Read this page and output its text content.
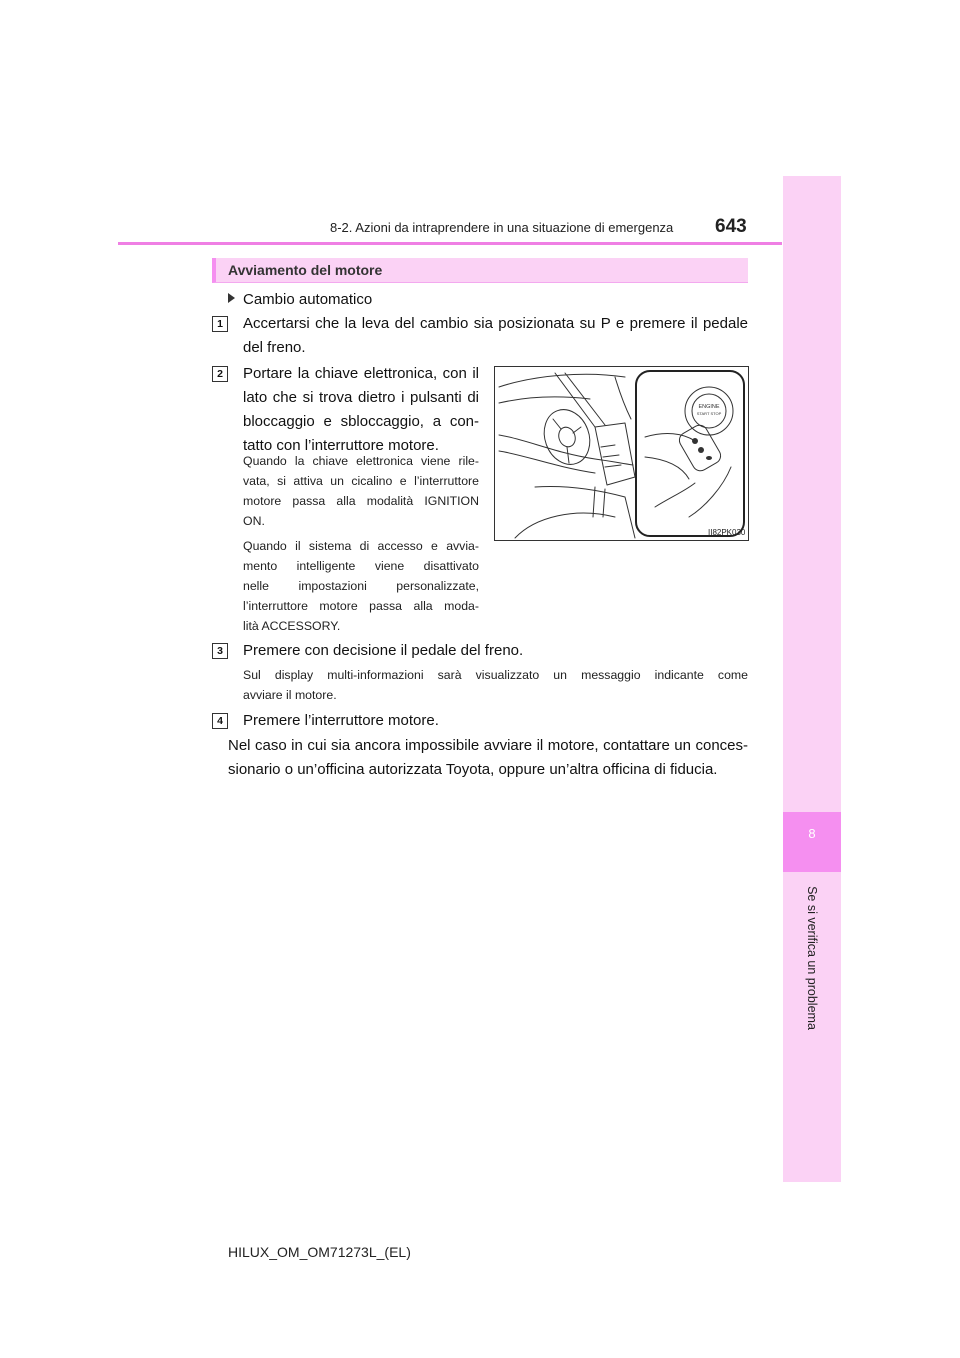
8
Se si verifica un problema
8-2. Azioni da intraprendere in una situazione di emergenza 643
Avviamento del motore
Cambio automatico
1	Accertarsi che la leva del cambio sia posizionata su P e premere il pedale
del freno.
2	Portare la chiave elettronica, con il
lato che si trova dietro i pulsanti di
bloccaggio e sbloccaggio, a con-
tatto con l’interruttore motore.
Quando la chiave elettronica viene rile-
vata, si attiva un cicalino e l’interruttore
motore passa alla modalità IGNITION
ON.
Quando il sistema di accesso e avvia-
mento intelligente viene disattivato
nelle impostazioni personalizzate,
l’interruttore motore passa alla moda-
lità ACCESSORY.
ENGINE
START STOP
II82PK030
3	Premere con decisione il pedale del freno.
Sul display multi-informazioni sarà visualizzato un messaggio indicante come
avviare il motore.
4	Premere l’interruttore motore.
Nel caso in cui sia ancora impossibile avviare il motore, contattare un conces-
sionario o un’officina autorizzata Toyota, oppure un’altra officina di fiducia.
HILUX_OM_OM71273L_(EL)
